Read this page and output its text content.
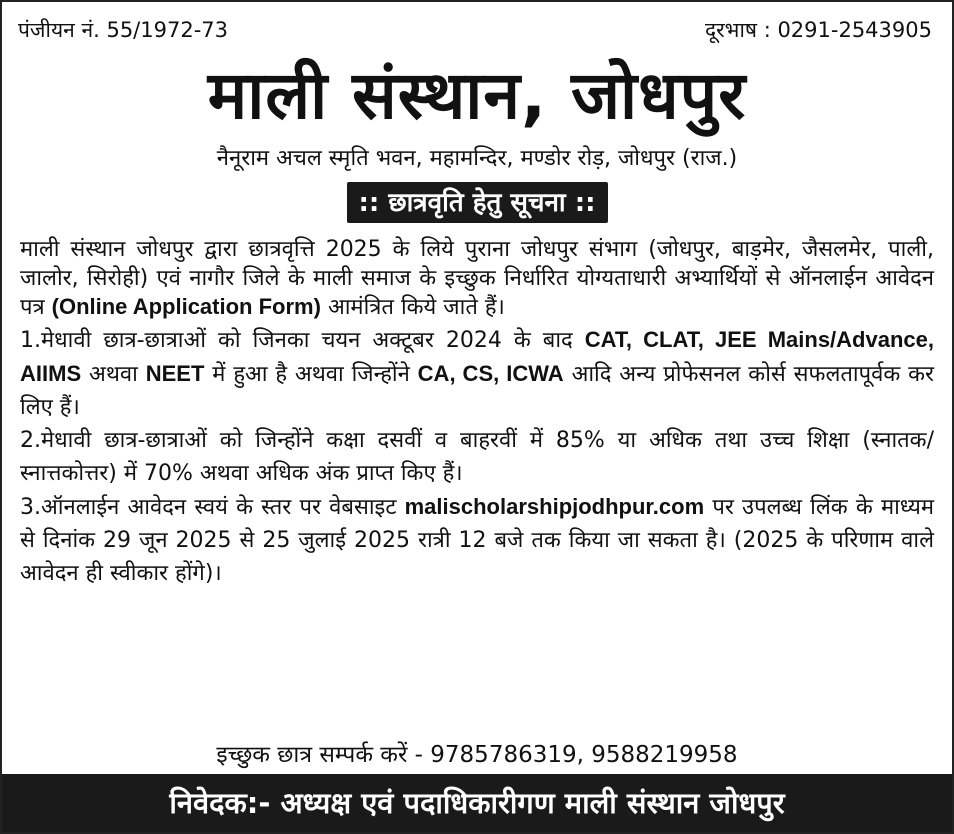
पंजीयन नं. 55/1972-73	दूरभाष : 0291-2543905
माली संस्थान, जोधपुर
नैनूराम अचल स्मृति भवन, महामन्दिर, मण्डोर रोड़, जोधपुर (राज.)
:: छात्रवृति हेतु सूचना ::

माली संस्थान जोधपुर द्वारा छात्रवृत्ति 2025 के लिये पुराना जोधपुर संभाग (जोधपुर, बाड़मेर, जैसलमेर, पाली, जालोर, सिरोही) एवं नागौर जिले के माली समाज के इच्छुक निर्धारित योग्यताधारी अभ्यार्थियों से ऑनलाईन आवेदन पत्र (Online Application Form) आमंत्रित किये जाते हैं।

1.मेधावी छात्र-छात्राओं को जिनका चयन अक्टूबर 2024 के बाद CAT, CLAT, JEE Mains/Advance, AIIMS अथवा NEET में हुआ है अथवा जिन्होंने CA, CS, ICWA आदि अन्य प्रोफेसनल कोर्स सफलतापूर्वक कर लिए हैं।

2.मेधावी छात्र-छात्राओं को जिन्होंने कक्षा दसवीं व बाहरवीं में 85% या अधिक तथा उच्च शिक्षा (स्नातक/स्नात्तकोत्तर) में 70% अथवा अधिक अंक प्राप्त किए हैं।

3.ऑनलाईन आवेदन स्वयं के स्तर पर वेबसाइट malischolarshipjodhpur.com पर उपलब्ध लिंक के माध्यम से दिनांक 29 जून 2025 से 25 जुलाई 2025 रात्री 12 बजे तक किया जा सकता है। (2025 के परिणाम वाले आवेदन ही स्वीकार होंगे)।

इच्छुक छात्र सम्पर्क करें - 9785786319, 9588219958
निवेदक:- अध्यक्ष एवं पदाधिकारीगण माली संस्थान जोधपुर
